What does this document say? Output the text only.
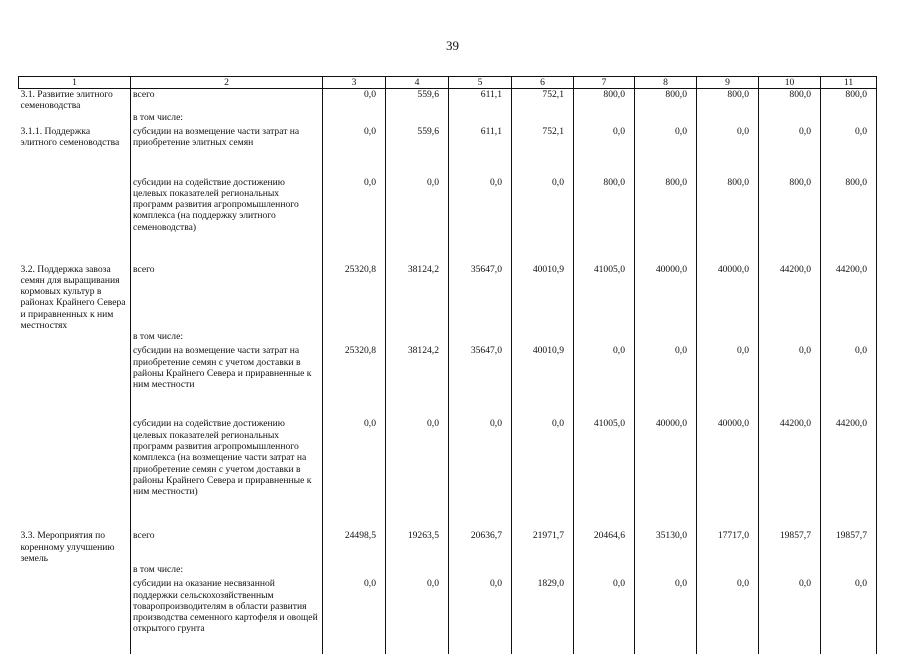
39
1	2	3	4	5	6	7	8	9	10	11
3.1. Развитие элитного семеноводства	всего	0,0	559,6	611,1	752,1	800,0	800,0	800,0	800,0	800,0
	в том числе:									
3.1.1. Поддержка элитного семеноводства	субсидии на возмещение части затрат на приобретение элитных семян	0,0	559,6	611,1	752,1	0,0	0,0	0,0	0,0	0,0
	субсидии на содействие достижению целевых показателей региональных программ развития агропромышленного комплекса (на поддержку элитного семеноводства)	0,0	0,0	0,0	0,0	800,0	800,0	800,0	800,0	800,0
3.2. Поддержка завоза семян для выращивания кормовых культур в районах Крайнего Севера и приравненных к ним местностях	всего	25320,8	38124,2	35647,0	40010,9	41005,0	40000,0	40000,0	44200,0	44200,0
	в том числе:									
	субсидии на возмещение части затрат на приобретение семян с учетом доставки в районы Крайнего Севера и приравненные к ним местности	25320,8	38124,2	35647,0	40010,9	0,0	0,0	0,0	0,0	0,0
	субсидии на содействие достижению целевых показателей региональных программ развития агропромышленного комплекса (на возмещение части затрат на приобретение семян с учетом доставки в районы Крайнего Севера и приравненные к ним местности)	0,0	0,0	0,0	0,0	41005,0	40000,0	40000,0	44200,0	44200,0
3.3. Мероприятия по коренному улучшению земель	всего	24498,5	19263,5	20636,7	21971,7	20464,6	35130,0	17717,0	19857,7	19857,7
	в том числе:									
	субсидии на оказание несвязанной поддержки сельскохозяйственным товаропроизводителям в области развития производства семенного картофеля и овощей открытого грунта	0,0	0,0	0,0	1829,0	0,0	0,0	0,0	0,0	0,0
